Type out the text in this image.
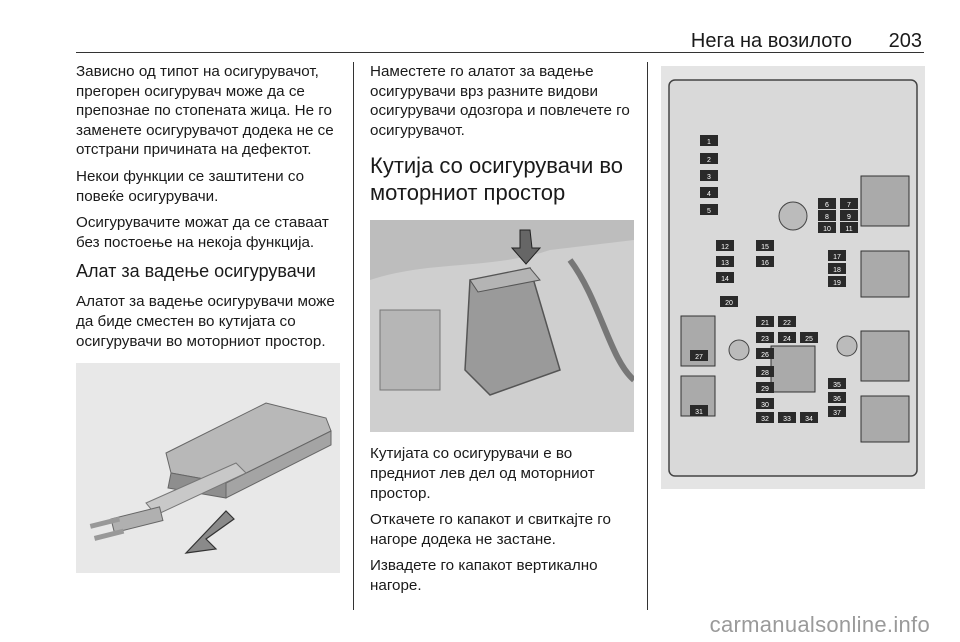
Нега на возилото 203

Зависно од типот на осигурувачот, прегорен осигурувач може да се препознае по стопената жица. Не го заменете осигурувачот додека не се отстрани причината на дефектот.

Некои функции се заштитени со повеќе осигурувачи.

Осигурувачите можат да се ставаат без постоење на некоја функција.

Алат за вадење осигурувачи

Алатот за вадење осигурувачи може да биде сместен во кутијата со осигурувачи во моторниот простор.

Наместете го алатот за вадење осигурувачи врз разните видови осигурувачи одозгора и повлечете го осигурувачот.

Кутија со осигурувачи во моторниот простор

Кутијата со осигурувачи е во предниот лев дел од моторниот простор.

Откачете го капакот и свиткајте го нагоре додека не застане.

Извадете го капакот вертикално нагоре.

1
2
3
4
5
6	7
8	9
10 11
12
13
14
15
16
17
18
19
20
21 22
23 24 25
26
27
28
29
30
31
32 33 34
35
36
37
carmanualsonline.info
